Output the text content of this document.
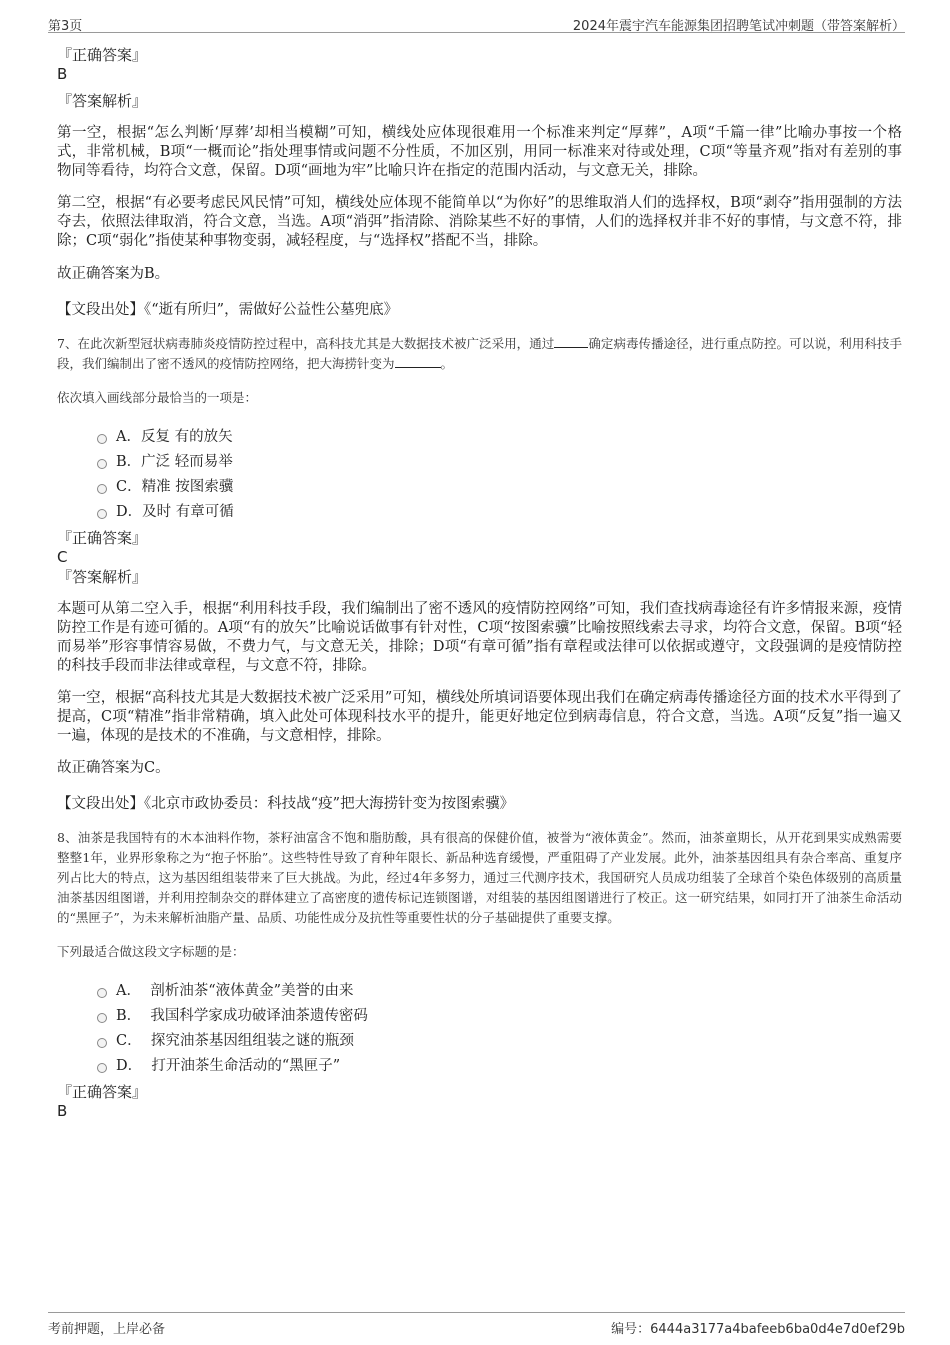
第3页	2024年震宇汽车能源集团招聘笔试冲刺题（带答案解析）

『正确答案』

B

『答案解析』

第一空，根据“怎么判断‘厚葬’却相当模糊”可知，横线处应体现很难用一个标准来判定“厚葬”，A项“千篇一律”比喻办事按一个格式，非常机械，B项“一概而论”指处理事情或问题不分性质，不加区别，用同一标准来对待或处理，C项“等量齐观”指对有差别的事物同等看待，均符合文意，保留。D项“画地为牢”比喻只许在指定的范围内活动，与文意无关，排除。

第二空，根据“有必要考虑民风民情”可知，横线处应体现不能简单以“为你好”的思维取消人们的选择权，B项“剥夺”指用强制的方法夺去，依照法律取消，符合文意，当选。A项“消弭”指清除、消除某些不好的事情，人们的选择权并非不好的事情，与文意不符，排除；C项“弱化”指使某种事物变弱，减轻程度，与“选择权”搭配不当，排除。

故正确答案为B。

【文段出处】《“逝有所归”，需做好公益性公墓兜底》

7、在此次新型冠状病毒肺炎疫情防控过程中，高科技尤其是大数据技术被广泛采用，通过	确定病毒传播途径，进行重点防控。可以说，利用科技手段，我们编制出了密不透风的疫情防控网络，把大海捞针变为	。

依次填入画线部分最恰当的一项是：

A．反复 有的放矢
B．广泛 轻而易举
C．精准 按图索骥
D．及时 有章可循

『正确答案』

C

『答案解析』

本题可从第二空入手，根据“利用科技手段，我们编制出了密不透风的疫情防控网络”可知，我们查找病毒途径有许多情报来源，疫情防控工作是有迹可循的。A项“有的放矢”比喻说话做事有针对性，C项“按图索骥”比喻按照线索去寻求，均符合文意，保留。B项“轻而易举”形容事情容易做，不费力气，与文意无关，排除；D项“有章可循”指有章程或法律可以依据或遵守，文段强调的是疫情防控的科技手段而非法律或章程，与文意不符，排除。

第一空，根据“高科技尤其是大数据技术被广泛采用”可知，横线处所填词语要体现出我们在确定病毒传播途径方面的技术水平得到了提高，C项“精准”指非常精确，填入此处可体现科技水平的提升，能更好地定位到病毒信息，符合文意，当选。A项“反复”指一遍又一遍，体现的是技术的不准确，与文意相悖，排除。

故正确答案为C。

【文段出处】《北京市政协委员：科技战“疫”把大海捞针变为按图索骥》

8、油茶是我国特有的木本油料作物，茶籽油富含不饱和脂肪酸，具有很高的保健价值，被誉为“液体黄金”。然而，油茶童期长，从开花到果实成熟需要整整1年，业界形象称之为“抱子怀胎”。这些特性导致了育种年限长、新品种选育缓慢，严重阻碍了产业发展。此外，油茶基因组具有杂合率高、重复序列占比大的特点，这为基因组组装带来了巨大挑战。为此，经过4年多努力，通过三代测序技术，我国研究人员成功组装了全球首个染色体级别的高质量油茶基因组图谱，并利用控制杂交的群体建立了高密度的遗传标记连锁图谱，对组装的基因组图谱进行了校正。这一研究结果，如同打开了油茶生命活动的“黑匣子”，为未来解析油脂产量、品质、功能性成分及抗性等重要性状的分子基础提供了重要支撑。

下列最适合做这段文字标题的是：

A． 剖析油茶“液体黄金”美誉的由来
B． 我国科学家成功破译油茶遗传密码
C． 探究油茶基因组组装之谜的瓶颈
D． 打开油茶生命活动的“黑匣子”

『正确答案』

B

考前押题，上岸必备	编号：6444a3177a4bafeeb6ba0d4e7d0ef29b
